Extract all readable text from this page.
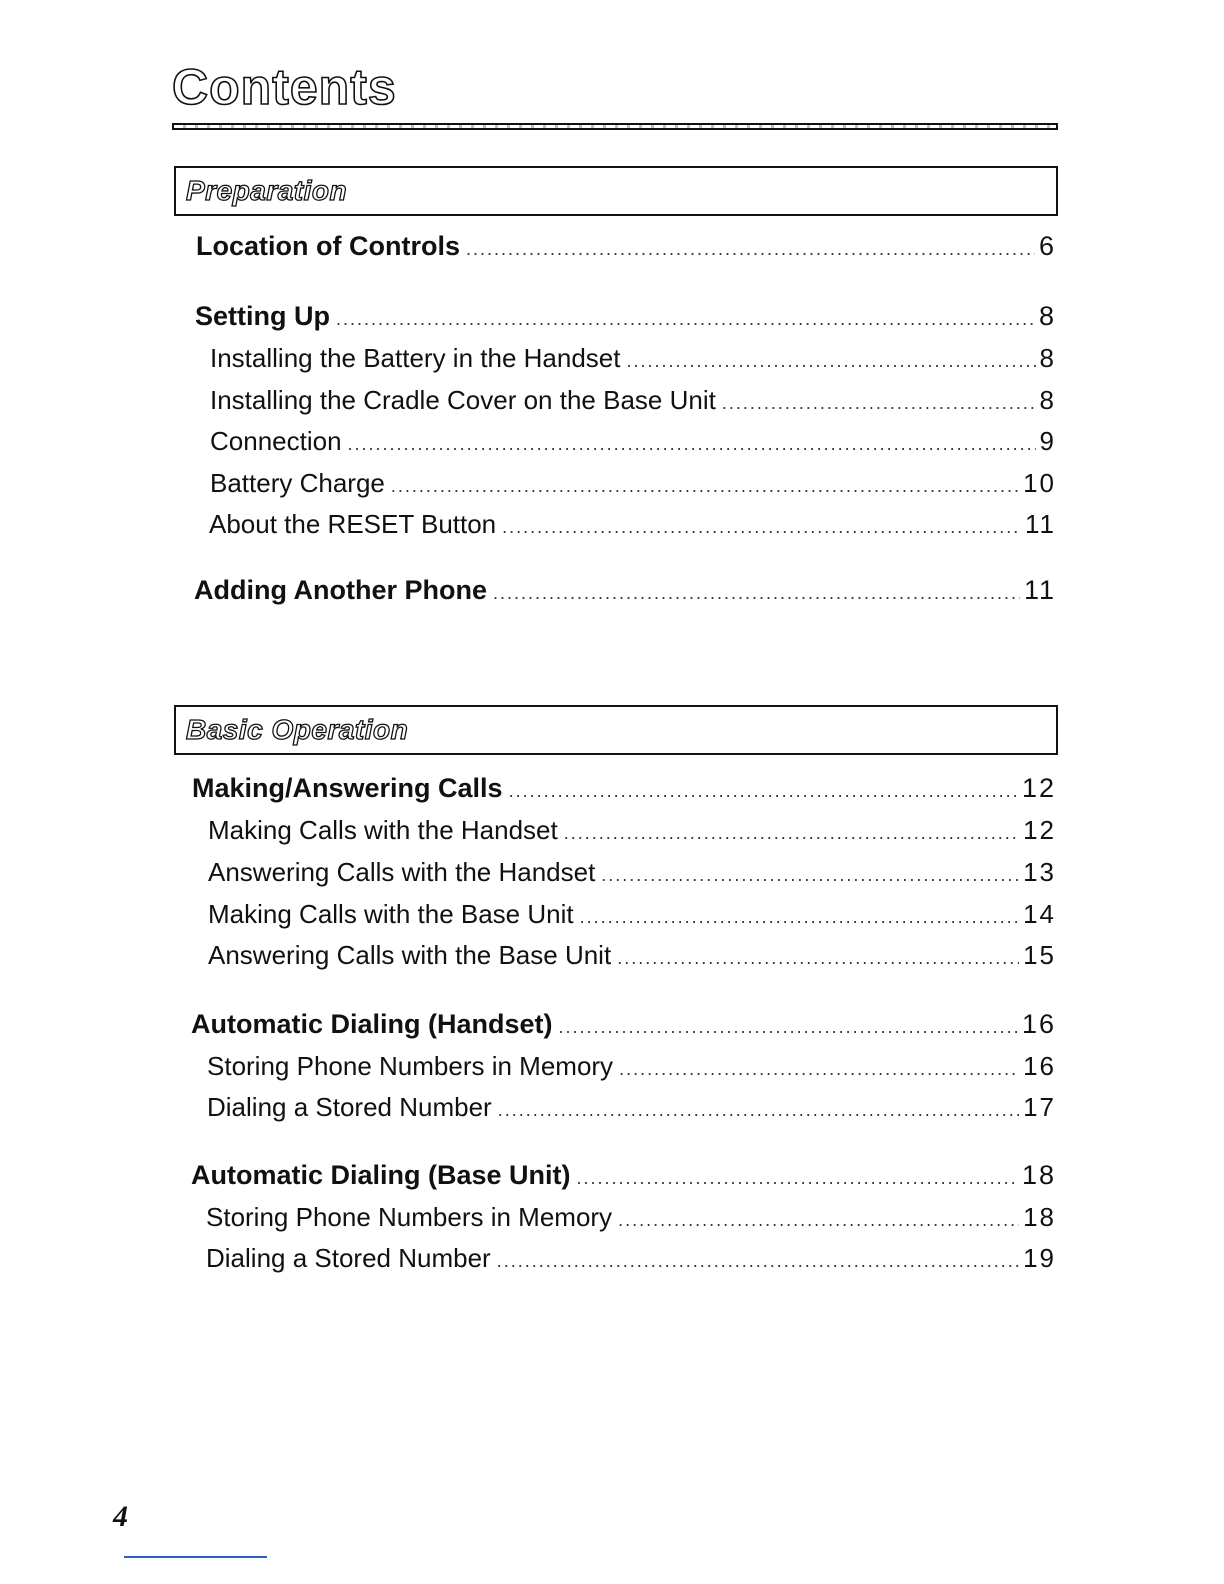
Contents
Preparation
Basic Operation
Location of Controls .....	6
Setting Up .....	8
Installing the Battery in the Handset .....	8
Installing the Cradle Cover on the Base Unit .....	8
Connection .....	9
Battery Charge .....	10
About the RESET Button .....	11
Adding Another Phone .....	11
Making/Answering Calls .....	12
Making Calls with the Handset .....	12
Answering Calls with the Handset .....	13
Making Calls with the Base Unit .....	14
Answering Calls with the Base Unit .....	15
Automatic Dialing (Handset) .....	16
Storing Phone Numbers in Memory .....	16
Dialing a Stored Number .....	17
Automatic Dialing (Base Unit) .....	18
Storing Phone Numbers in Memory .....	18
Dialing a Stored Number .....	19
4
